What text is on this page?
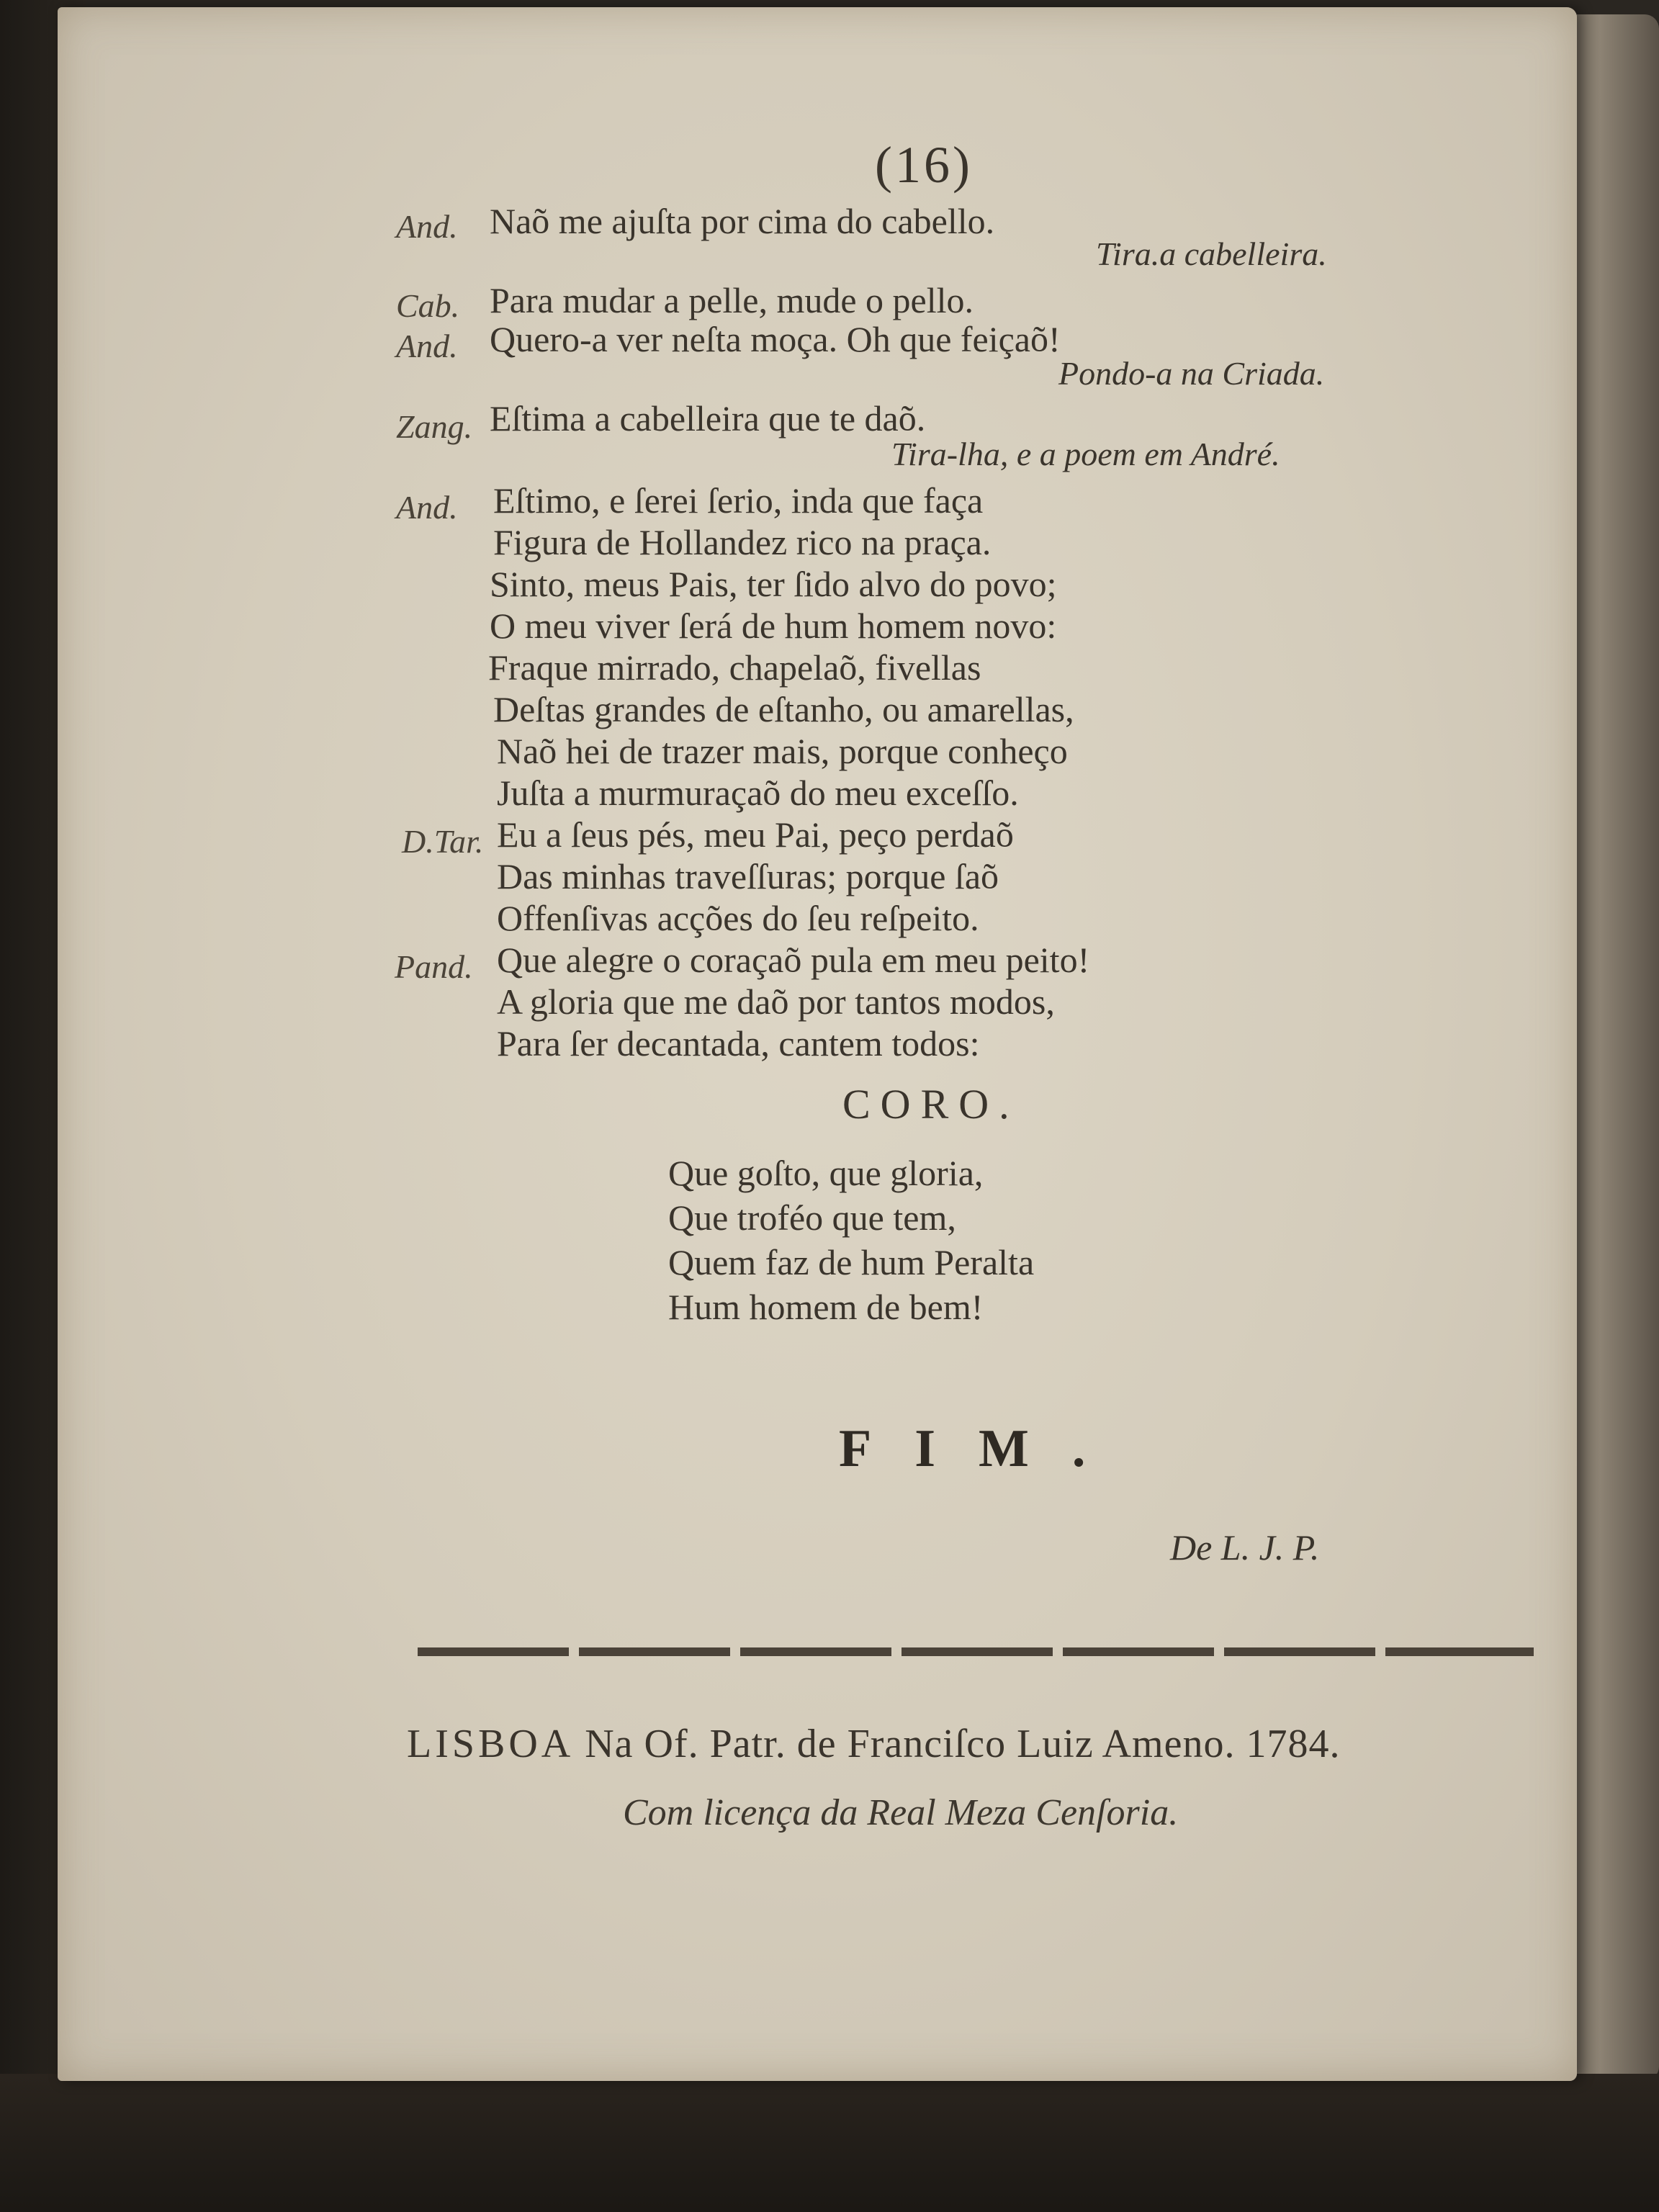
(16)
And. Naõ me ajuſta por cima do cabello.
Tira.a cabelleira.
Cab. Para mudar a pelle, mude o pello.
And. Quero-a ver neſta moça. Oh que feiçaõ!
Pondo-a na Criada.
Zang. Eſtima a cabelleira que te daõ.
Tira-lha, e a poem em André.
And. Eſtimo, e ſerei ſerio, inda que faça
Figura de Hollandez rico na praça.
Sinto, meus Pais, ter ſido alvo do povo;
O meu viver ſerá de hum homem novo:
Fraque mirrado, chapelaõ, fivellas
Deſtas grandes de eſtanho, ou amarellas,
Naõ hei de trazer mais, porque conheço
Juſta a murmuraçaõ do meu exceſſo.
D.Tar. Eu a ſeus pés, meu Pai, peço perdaõ
Das minhas traveſſuras; porque ſaõ
Offenſivas acções do ſeu reſpeito.
Pand. Que alegre o coraçaõ pula em meu peito!
A gloria que me daõ por tantos modos,
Para ſer decantada, cantem todos:
CORO.
Que goſto, que gloria,
Que troféo que tem,
Quem faz de hum Peralta
Hum homem de bem!
FIM.
De L. J. P.
LISBOA Na Of. Patr. de Franciſco Luiz Ameno. 1784.
Com licença da Real Meza Cenſoria.
